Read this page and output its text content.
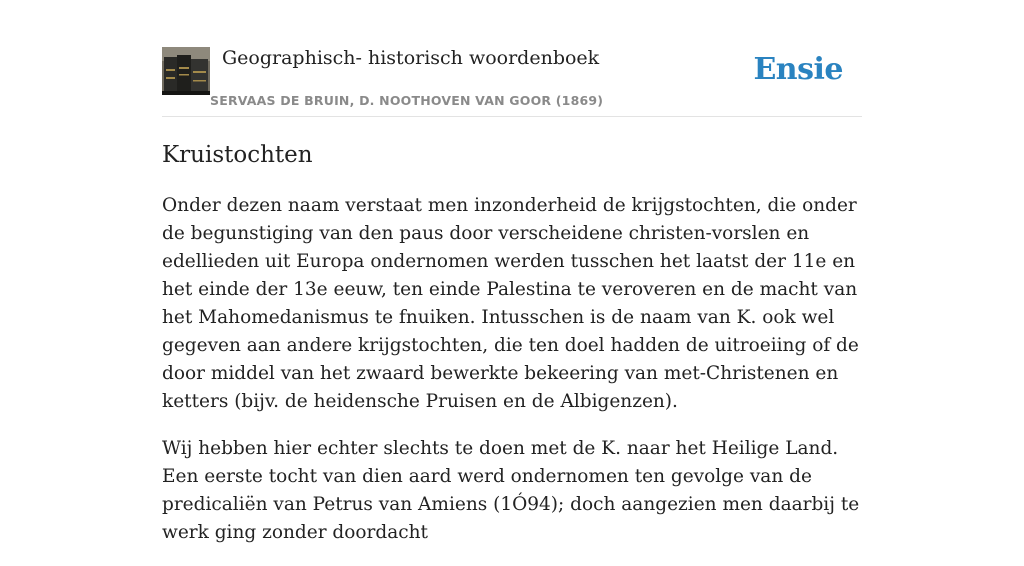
Geographisch- historisch woordenboek
SERVAAS DE BRUIN, D. NOOTHOVEN VAN GOOR (1869)
Ensie
Kruistochten

Onder dezen naam verstaat men inzonderheid de krijgstochten, die onder de begunstiging van den paus door verscheidene christen-vorslen en edellieden uit Europa ondernomen werden tusschen het laatst der 11e en het einde der 13e eeuw, ten einde Palestina te veroveren en de macht van het Mahomedanismus te fnuiken. Intusschen is de naam van K. ook wel gegeven aan andere krijgstochten, die ten doel hadden de uitroeiing of de door middel van het zwaard bewerkte bekeering van met-Christenen en ketters (bijv. de heidensche Pruisen en de Albigenzen).

Wij hebben hier echter slechts te doen met de K. naar het Heilige Land. Een eerste tocht van dien aard werd ondernomen ten gevolge van de predicaliën van Petrus van Amiens (1Ó94); doch aangezien men daarbij te werk ging zonder doordacht
